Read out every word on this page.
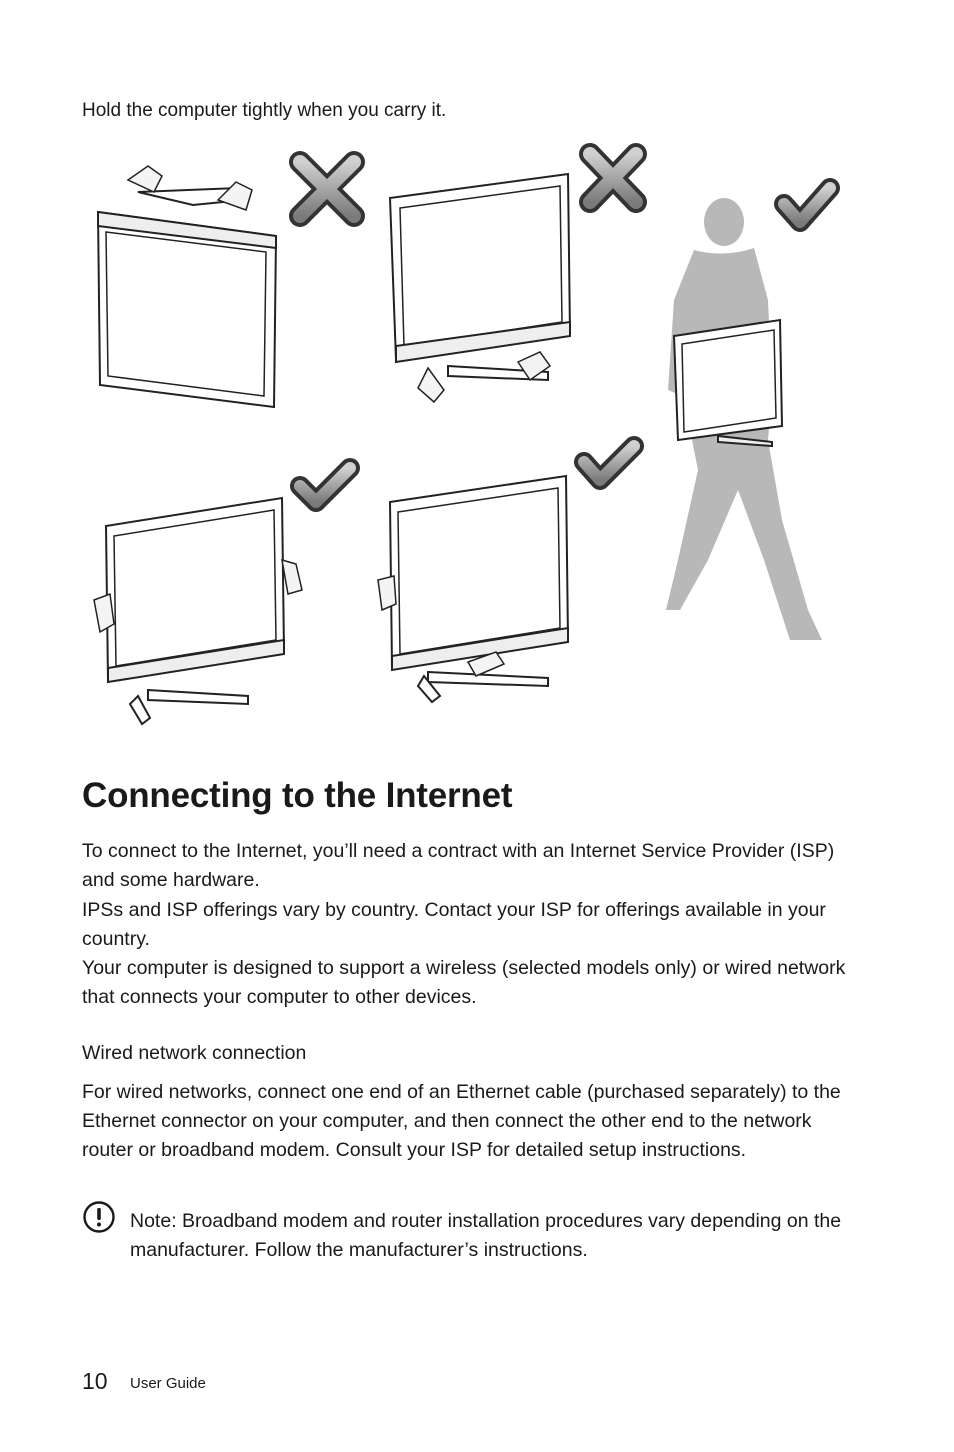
Hold the computer tightly when you carry it.
Connecting to the Internet
To connect to the Internet, you’ll need a contract with an Internet Service Provider (ISP) and some hardware.
IPSs and ISP offerings vary by country. Contact your ISP for offerings available in your country.
Your computer is designed to support a wireless (selected models only) or wired network that connects your computer to other devices.
Wired network connection
For wired networks, connect one end of an Ethernet cable (purchased separately) to the Ethernet connector on your computer, and then connect the other end to the network router or broadband modem. Consult your ISP for detailed setup instructions.
Note: Broadband modem and router installation procedures vary depending on the manufacturer. Follow the manufacturer’s instructions.
10 User Guide
